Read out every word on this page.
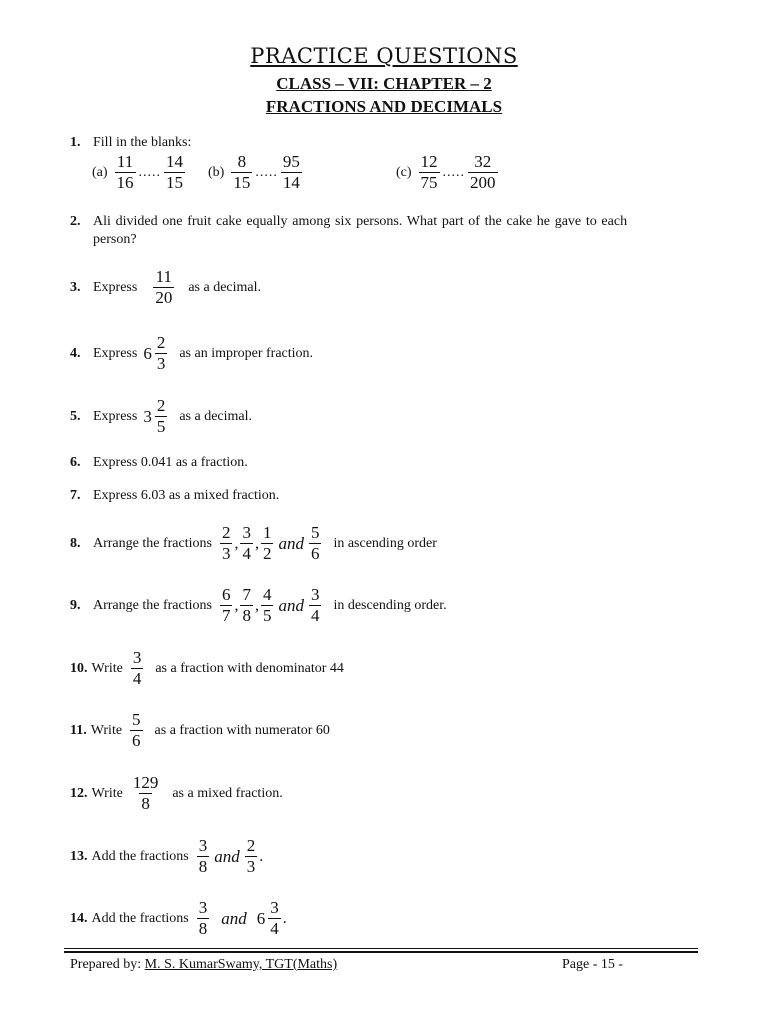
PRACTICE QUESTIONS
CLASS – VII: CHAPTER – 2
FRACTIONS AND DECIMALS
1. Fill in the blanks:
$(a) \frac{11}{16}$ ..... $\frac{14}{15} (b) \frac{8}{15}$ ..... $\frac{95}{14}$	$(c) \frac{12}{75}$ ..... $\frac{32}{200}$
2. Ali divided one fruit cake equally among six persons. What part of the cake he gave to each
person?
3. Express $\frac{11}{20}$ as a decimal.
4. Express $6 \frac{2}{3}$ as an improper fraction.
5. Express $3 \frac{2}{5}$ as a decimal.
6. Express 0.041 as a fraction.
7. Express 6.03 as a mixed fraction.
8. Arrange the fractions $\frac{2}{3}$ , $\frac{3}{4}$ , $\frac{1}{2}$ and $\frac{5}{6}$ in ascending order
9. Arrange the fractions $\frac{6}{7}$ , $\frac{7}{8}$ , $\frac{4}{5}$ and $\frac{3}{4}$ in descending order.
10. Write $\frac{3}{4}$ as a fraction with denominator 44
11. Write $\frac{5}{6}$ as a fraction with numerator 60
12. Write $\frac{129}{8}$ as a mixed fraction.
13. Add the fractions $\frac{3}{8}$ and $\frac{2}{3}$ .
14. Add the fractions $\frac{3}{8}$ and $6 \frac{3}{4}$ .
Prepared by: M. S. KumarSwamy, TGT(Maths)	Page - 15 -
